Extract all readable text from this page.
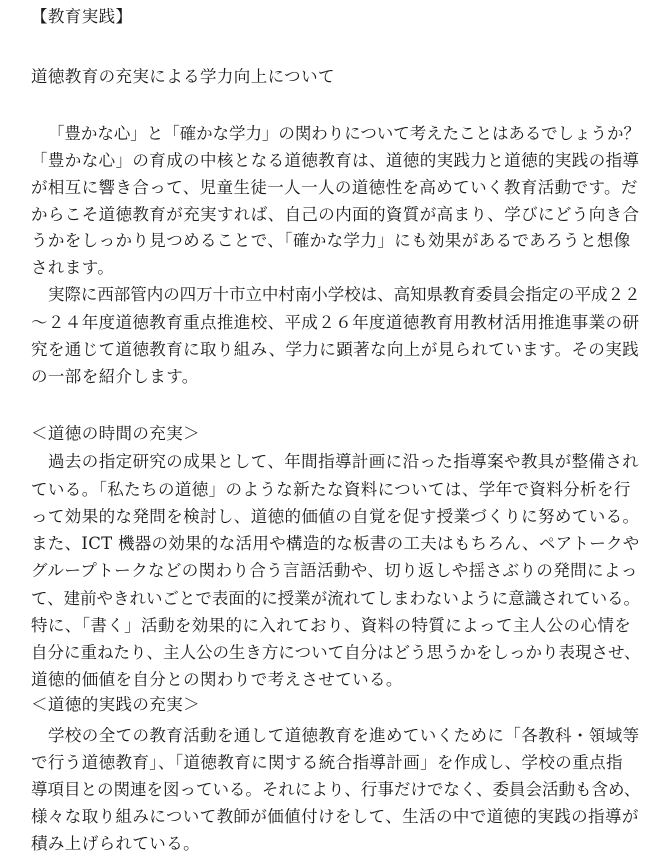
【教育実践】
道徳教育の充実による学力向上について
「豊かな心」と「確かな学力」の関わりについて考えたことはあるでしょうか？
「豊かな心」の育成の中核となる道徳教育は、道徳的実践力と道徳的実践の指導
が相互に響き合って、児童生徒一人一人の道徳性を高めていく教育活動です。だ
からこそ道徳教育が充実すれば、自己の内面的資質が高まり、学びにどう向き合
うかをしっかり見つめることで、「確かな学力」にも効果があるであろうと想像
されます。
実際に西部管内の四万十市立中村南小学校は、高知県教育委員会指定の平成２２
～２４年度道徳教育重点推進校、平成２６年度道徳教育用教材活用推進事業の研
究を通じて道徳教育に取り組み、学力に顕著な向上が見られています。その実践
の一部を紹介します。
＜道徳の時間の充実＞
過去の指定研究の成果として、年間指導計画に沿った指導案や教具が整備され
ている。「私たちの道徳」のような新たな資料については、学年で資料分析を行
って効果的な発問を検討し、道徳的価値の自覚を促す授業づくりに努めている。
また、ICT 機器の効果的な活用や構造的な板書の工夫はもちろん、ペアトークや
グループトークなどの関わり合う言語活動や、切り返しや揺さぶりの発問によっ
て、建前やきれいごとで表面的に授業が流れてしまわないように意識されている。
特に、「書く」活動を効果的に入れており、資料の特質によって主人公の心情を
自分に重ねたり、主人公の生き方について自分はどう思うかをしっかり表現させ、
道徳的価値を自分との関わりで考えさせている。
＜道徳的実践の充実＞
学校の全ての教育活動を通して道徳教育を進めていくために「各教科・領域等
で行う道徳教育」、「道徳教育に関する統合指導計画」を作成し、学校の重点指
導項目との関連を図っている。それにより、行事だけでなく、委員会活動も含め、
様々な取り組みについて教師が価値付けをして、生活の中で道徳的実践の指導が
積み上げられている。
